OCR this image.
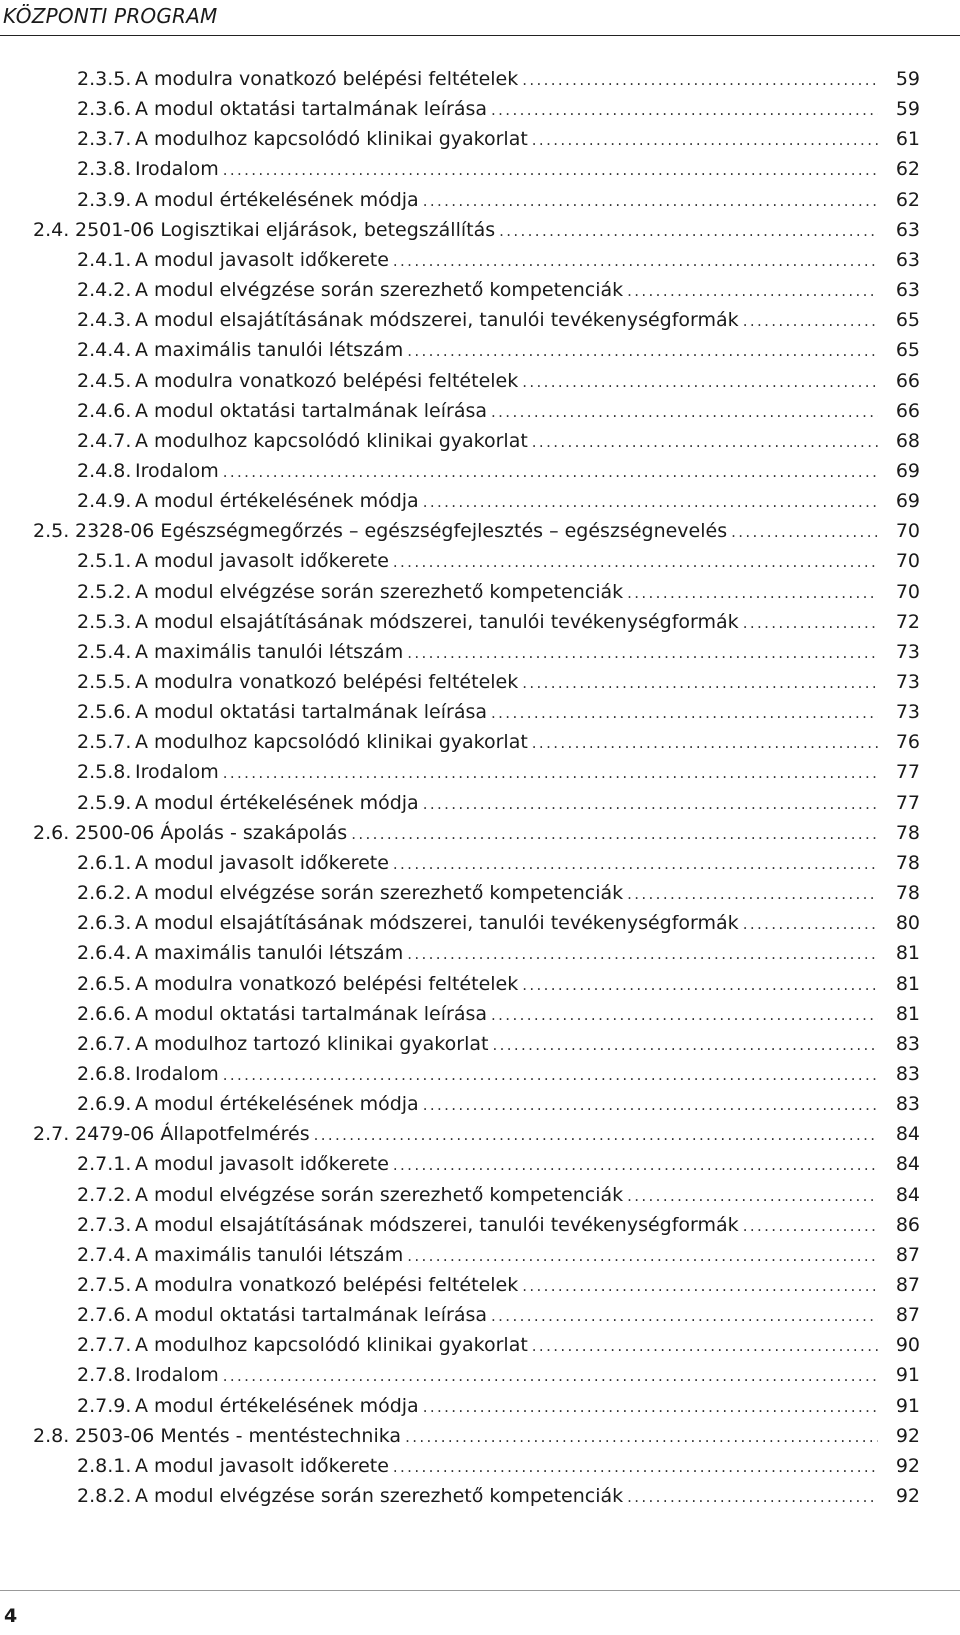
KÖZPONTI PROGRAM
2.3.5. A modulra vonatkozó belépési feltételek . . .	59
2.3.6. A modul oktatási tartalmának leírása . . .	59
2.3.7. A modulhoz kapcsolódó klinikai gyakorlat . . .	61
2.3.8. Irodalom . . .	62
2.3.9. A modul értékelésének módja . . .	62
2.4. 2501-06 Logisztikai eljárások, betegszállítás . . .	63
2.4.1. A modul javasolt időkerete . . .	63
2.4.2. A modul elvégzése során szerezhető kompetenciák . . .	63
2.4.3. A modul elsajátításának módszerei, tanulói tevékenységformák . . .	65
2.4.4. A maximális tanulói létszám . . .	65
2.4.5. A modulra vonatkozó belépési feltételek . . .	66
2.4.6. A modul oktatási tartalmának leírása . . .	66
2.4.7. A modulhoz kapcsolódó klinikai gyakorlat . . .	68
2.4.8. Irodalom . . .	69
2.4.9. A modul értékelésének módja . . .	69
2.5. 2328-06 Egészségmegőrzés – egészségfejlesztés – egészségnevelés . . .	70
2.5.1. A modul javasolt időkerete . . .	70
2.5.2. A modul elvégzése során szerezhető kompetenciák . . .	70
2.5.3. A modul elsajátításának módszerei, tanulói tevékenységformák . . .	72
2.5.4. A maximális tanulói létszám . . .	73
2.5.5. A modulra vonatkozó belépési feltételek . . .	73
2.5.6. A modul oktatási tartalmának leírása . . .	73
2.5.7. A modulhoz kapcsolódó klinikai gyakorlat . . .	76
2.5.8. Irodalom . . .	77
2.5.9. A modul értékelésének módja . . .	77
2.6. 2500-06 Ápolás - szakápolás . . .	78
2.6.1. A modul javasolt időkerete . . .	78
2.6.2. A modul elvégzése során szerezhető kompetenciák . . .	78
2.6.3. A modul elsajátításának módszerei, tanulói tevékenységformák . . .	80
2.6.4. A maximális tanulói létszám . . .	81
2.6.5. A modulra vonatkozó belépési feltételek . . .	81
2.6.6. A modul oktatási tartalmának leírása . . .	81
2.6.7. A modulhoz tartozó klinikai gyakorlat . . .	83
2.6.8. Irodalom . . .	83
2.6.9. A modul értékelésének módja . . .	83
2.7. 2479-06 Állapotfelmérés . . .	84
2.7.1. A modul javasolt időkerete . . .	84
2.7.2. A modul elvégzése során szerezhető kompetenciák . . .	84
2.7.3. A modul elsajátításának módszerei, tanulói tevékenységformák . . .	86
2.7.4. A maximális tanulói létszám . . .	87
2.7.5. A modulra vonatkozó belépési feltételek . . .	87
2.7.6. A modul oktatási tartalmának leírása . . .	87
2.7.7. A modulhoz kapcsolódó klinikai gyakorlat . . .	90
2.7.8. Irodalom . . .	91
2.7.9. A modul értékelésének módja . . .	91
2.8. 2503-06 Mentés - mentéstechnika . . .	92
2.8.1. A modul javasolt időkerete . . .	92
2.8.2. A modul elvégzése során szerezhető kompetenciák . . .	92
4
